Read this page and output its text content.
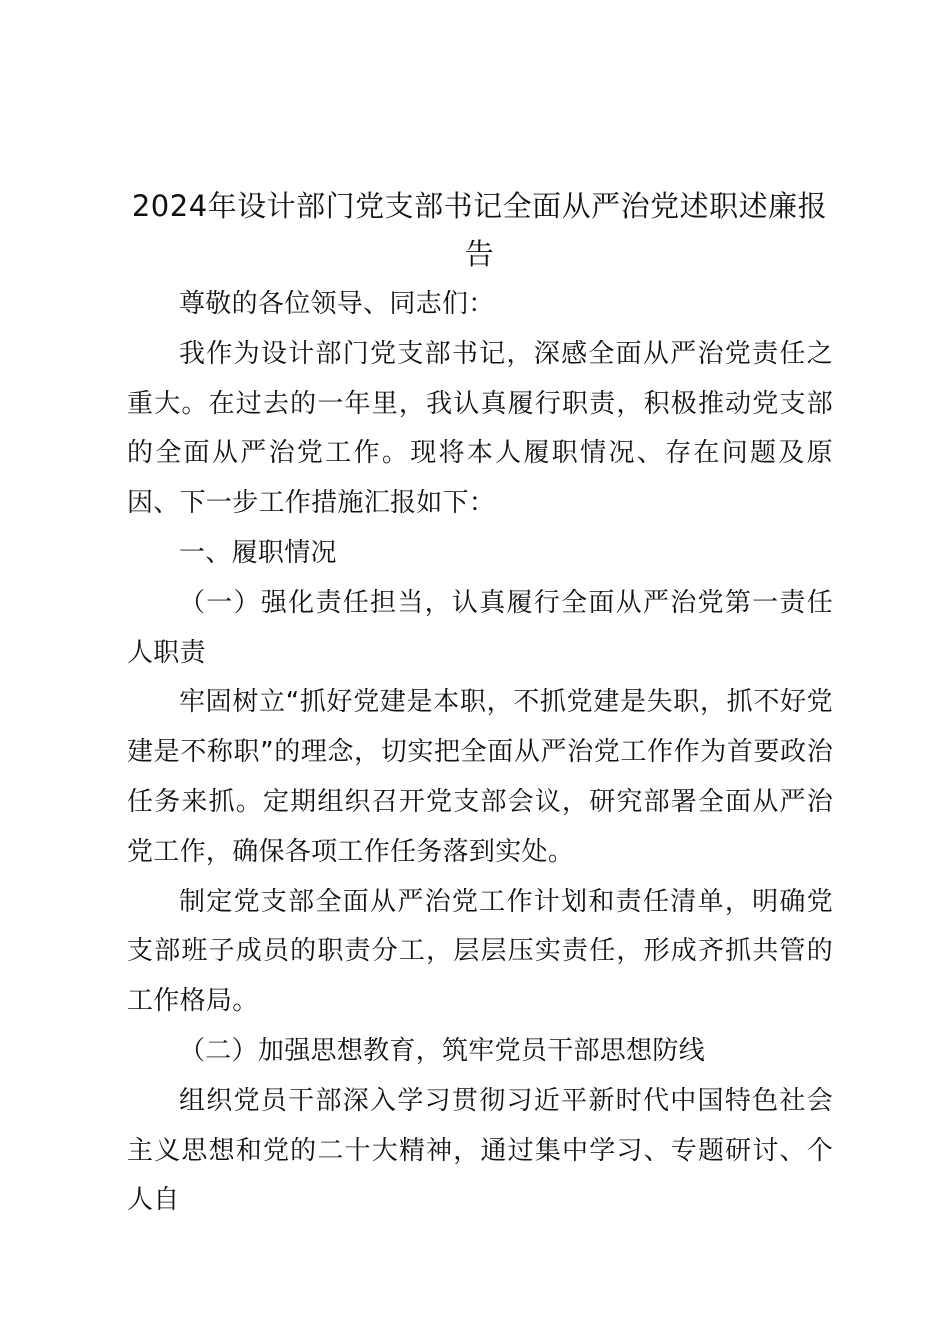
2024年设计部门党支部书记全面从严治党述职述廉报告

尊敬的各位领导、同志们：

我作为设计部门党支部书记，深感全面从严治党责任之重大。在过去的一年里，我认真履行职责，积极推动党支部的全面从严治党工作。现将本人履职情况、存在问题及原因、下一步工作措施汇报如下：

一、履职情况

（一）强化责任担当，认真履行全面从严治党第一责任人职责

牢固树立“抓好党建是本职，不抓党建是失职，抓不好党建是不称职”的理念，切实把全面从严治党工作作为首要政治任务来抓。定期组织召开党支部会议，研究部署全面从严治党工作，确保各项工作任务落到实处。

制定党支部全面从严治党工作计划和责任清单，明确党支部班子成员的职责分工，层层压实责任，形成齐抓共管的工作格局。

（二）加强思想教育，筑牢党员干部思想防线

组织党员干部深入学习贯彻习近平新时代中国特色社会主义思想和党的二十大精神，通过集中学习、专题研讨、个人自
